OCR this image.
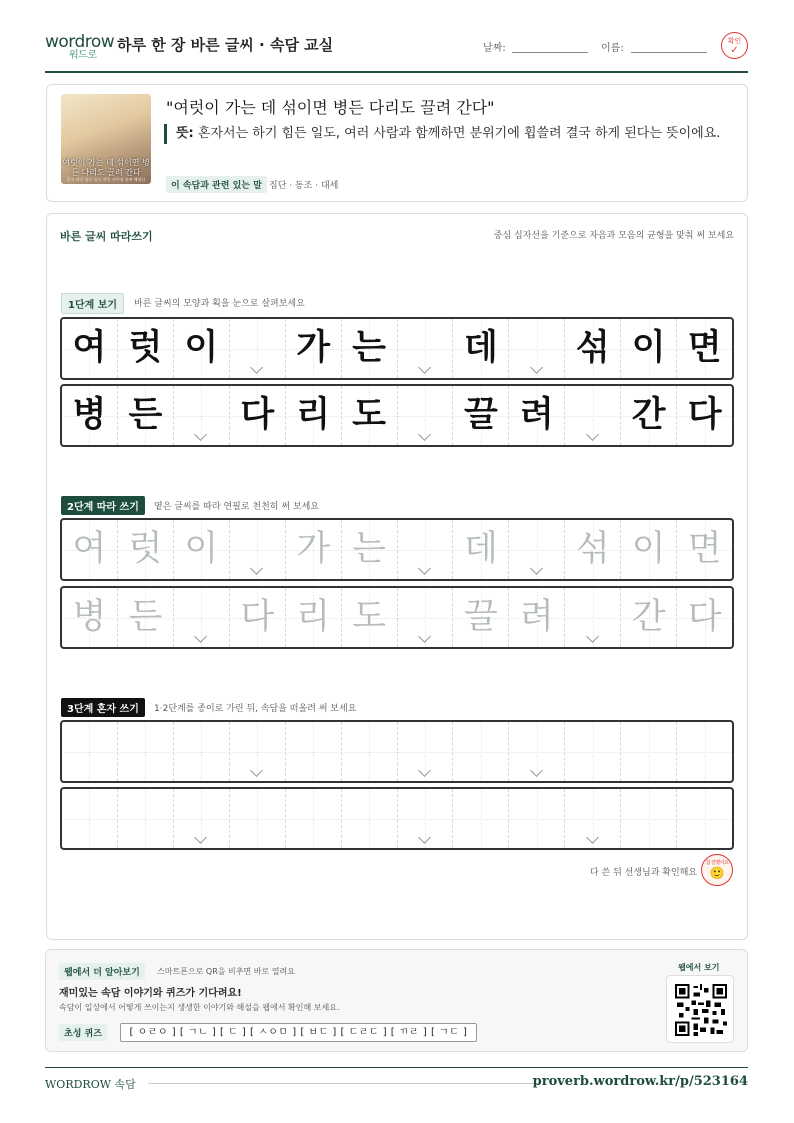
wordrow
워드로
하루 한 장 바른 글씨 · 속담 교실	날짜:	이름:
확인
✓
여럿이 가는 데 섞이면 병든 다리도 끌려 간다
혼자 하기 힘든 일도 여럿 사이에 섞여 해낸다
"여럿이 가는 데 섞이면 병든 다리도 끌려 간다"
뜻: 혼자서는 하기 힘든 일도, 여러 사람과 함께하면 분위기에 휩쓸려 결국 하게 된다는 뜻이에요.
이 속담과 관련 있는 말 집단 · 동조 · 대세
바른 글씨 따라쓰기	중심 십자선을 기준으로 자음과 모음의 균형을 맞춰 써 보세요
1단계 보기	바른 글씨의 모양과 획을 눈으로 살펴보세요
여 럿 이 가 는 데 섞 이 면
병 든 다 리 도 끌 려 간 다
2단계 따라 쓰기	옅은 글씨를 따라 연필로 천천히 써 보세요
여 럿 이 가 는 데 섞 이 면
병 든 다 리 도 끌 려 간 다
3단계 혼자 쓰기	1·2단계를 종이로 가린 뒤, 속담을 떠올려 써 보세요
다 쓴 뒤 선생님과 확인해요
참 잘했어요
🙂
웹에서 더 알아보기	스마트폰으로 QR을 비추면 바로 열려요
재미있는 속담 이야기와 퀴즈가 기다려요!
속담이 일상에서 어떻게 쓰이는지 생생한 이야기와 해설을 웹에서 확인해 보세요.
초성 퀴즈	[ ㅇㄹㅇ ] [ ㄱㄴ ] [ ㄷ ] [ ㅅㅇㅁ ] [ ㅂㄷ ] [ ㄷㄹㄷ ] [ ㄲㄹ ] [ ㄱㄷ ]
웹에서 보기
WORDROW 속담	proverb.wordrow.kr/p/523164
